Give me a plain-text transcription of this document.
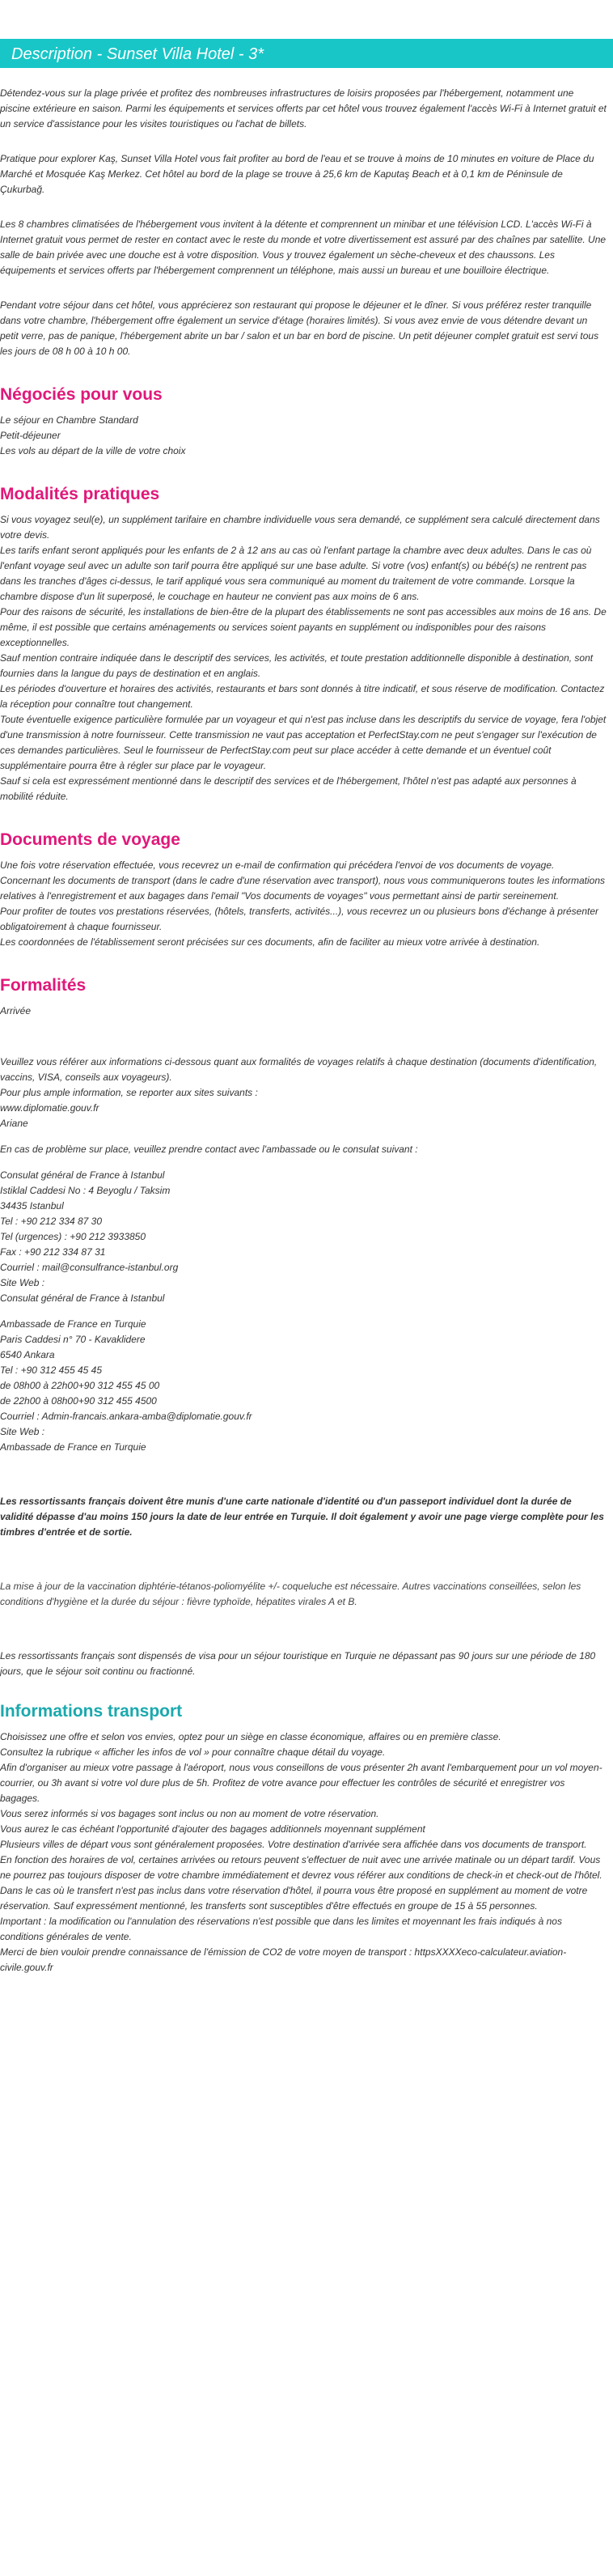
Description - Sunset Villa Hotel - 3*

Détendez-vous sur la plage privée et profitez des nombreuses infrastructures de loisirs proposées par l'hébergement, notamment une piscine extérieure en saison. Parmi les équipements et services offerts par cet hôtel vous trouvez également l'accès Wi-Fi à Internet gratuit et un service d'assistance pour les visites touristiques ou l'achat de billets.

Pratique pour explorer Kaş, Sunset Villa Hotel vous fait profiter au bord de l'eau et se trouve à moins de 10 minutes en voiture de Place du Marché et Mosquée Kaş Merkez. Cet hôtel au bord de la plage se trouve à 25,6 km de Kaputaş Beach et à 0,1 km de Péninsule de Çukurbağ.

Les 8 chambres climatisées de l'hébergement vous invitent à la détente et comprennent un minibar et une télévision LCD. L'accès Wi-Fi à Internet gratuit vous permet de rester en contact avec le reste du monde et votre divertissement est assuré par des chaînes par satellite. Une salle de bain privée avec une douche est à votre disposition. Vous y trouvez également un sèche-cheveux et des chaussons. Les équipements et services offerts par l'hébergement comprennent un téléphone, mais aussi un bureau et une bouilloire électrique.

Pendant votre séjour dans cet hôtel, vous apprécierez son restaurant qui propose le déjeuner et le dîner. Si vous préférez rester tranquille dans votre chambre, l'hébergement offre également un service d'étage (horaires limités). Si vous avez envie de vous détendre devant un petit verre, pas de panique, l'hébergement abrite un bar / salon et un bar en bord de piscine. Un petit déjeuner complet gratuit est servi tous les jours de 08 h 00 à 10 h 00.

Négociés pour vous

Le séjour en Chambre Standard

Petit-déjeuner

Les vols au départ de la ville de votre choix

Modalités pratiques

Si vous voyagez seul(e), un supplément tarifaire en chambre individuelle vous sera demandé, ce supplément sera calculé directement dans votre devis.
Les tarifs enfant seront appliqués pour les enfants de 2 à 12 ans au cas où l'enfant partage la chambre avec deux adultes. Dans le cas où l'enfant voyage seul avec un adulte son tarif pourra être appliqué sur une base adulte. Si votre (vos) enfant(s) ou bébé(s) ne rentrent pas dans les tranches d'âges ci-dessus, le tarif appliqué vous sera communiqué au moment du traitement de votre commande. Lorsque la chambre dispose d'un lit superposé, le couchage en hauteur ne convient pas aux moins de 6 ans.
Pour des raisons de sécurité, les installations de bien-être de la plupart des établissements ne sont pas accessibles aux moins de 16 ans. De même, il est possible que certains aménagements ou services soient payants en supplément ou indisponibles pour des raisons exceptionnelles.
Sauf mention contraire indiquée dans le descriptif des services, les activités, et toute prestation additionnelle disponible à destination, sont fournies dans la langue du pays de destination et en anglais.
Les périodes d'ouverture et horaires des activités, restaurants et bars sont donnés à titre indicatif, et sous réserve de modification. Contactez la réception pour connaître tout changement.
Toute éventuelle exigence particulière formulée par un voyageur et qui n'est pas incluse dans les descriptifs du service de voyage, fera l'objet d'une transmission à notre fournisseur. Cette transmission ne vaut pas acceptation et PerfectStay.com ne peut s'engager sur l'exécution de ces demandes particulières. Seul le fournisseur de PerfectStay.com peut sur place accéder à cette demande et un éventuel coût supplémentaire pourra être à régler sur place par le voyageur.
Sauf si cela est expressément mentionné dans le descriptif des services et de l'hébergement, l'hôtel n'est pas adapté aux personnes à mobilité réduite.

Documents de voyage

Une fois votre réservation effectuée, vous recevrez un e-mail de confirmation qui précédera l'envoi de vos documents de voyage.
Concernant les documents de transport (dans le cadre d'une réservation avec transport), nous vous communiquerons toutes les informations relatives à l'enregistrement et aux bagages dans l'email "Vos documents de voyages" vous permettant ainsi de partir sereinement.
Pour profiter de toutes vos prestations réservées, (hôtels, transferts, activités...), vous recevrez un ou plusieurs bons d'échange à présenter obligatoirement à chaque fournisseur.
Les coordonnées de l'établissement seront précisées sur ces documents, afin de faciliter au mieux votre arrivée à destination.

Formalités

Arrivée

Veuillez vous référer aux informations ci-dessous quant aux formalités de voyages relatifs à chaque destination (documents d'identification, vaccins, VISA, conseils aux voyageurs).
Pour plus ample information, se reporter aux sites suivants :
www.diplomatie.gouv.fr
Ariane

En cas de problème sur place, veuillez prendre contact avec l'ambassade ou le consulat suivant :

Consulat général de France à Istanbul
Istiklal Caddesi No : 4 Beyoglu / Taksim
34435 Istanbul
Tel : +90 212 334 87 30
Tel (urgences) : +90 212 3933850
Fax : +90 212 334 87 31
Courriel : mail@consulfrance-istanbul.org
Site Web :
Consulat général de France à Istanbul

Ambassade de France en Turquie
Paris Caddesi n° 70 - Kavaklidere
6540 Ankara
Tel : +90 312 455 45 45
de 08h00 à 22h00+90 312 455 45 00
de 22h00 à 08h00+90 312 455 4500
Courriel : Admin-francais.ankara-amba@diplomatie.gouv.fr
Site Web :
Ambassade de France en Turquie

Les ressortissants français doivent être munis d'une carte nationale d'identité ou d'un passeport individuel dont la durée de validité dépasse d'au moins 150 jours la date de leur entrée en Turquie. Il doit également y avoir une page vierge complète pour les timbres d'entrée et de sortie.

La mise à jour de la vaccination diphtérie-tétanos-poliomyélite +/- coqueluche est nécessaire. Autres vaccinations conseillées, selon les conditions d'hygiène et la durée du séjour : fièvre typhoïde, hépatites virales A et B.

Les ressortissants français sont dispensés de visa pour un séjour touristique en Turquie ne dépassant pas 90 jours sur une période de 180 jours, que le séjour soit continu ou fractionné.

Informations transport

Choisissez une offre et selon vos envies, optez pour un siège en classe économique, affaires ou en première classe.
Consultez la rubrique « afficher les infos de vol » pour connaître chaque détail du voyage.
Afin d'organiser au mieux votre passage à l'aéroport, nous vous conseillons de vous présenter 2h avant l'embarquement pour un vol moyen-courrier, ou 3h avant si votre vol dure plus de 5h. Profitez de votre avance pour effectuer les contrôles de sécurité et enregistrer vos bagages.
Vous serez informés si vos bagages sont inclus ou non au moment de votre réservation.
Vous aurez le cas échéant l'opportunité d'ajouter des bagages additionnels moyennant supplément
Plusieurs villes de départ vous sont généralement proposées. Votre destination d'arrivée sera affichée dans vos documents de transport.
En fonction des horaires de vol, certaines arrivées ou retours peuvent s'effectuer de nuit avec une arrivée matinale ou un départ tardif. Vous ne pourrez pas toujours disposer de votre chambre immédiatement et devrez vous référer aux conditions de check-in et check-out de l'hôtel.
Dans le cas où le transfert n'est pas inclus dans votre réservation d'hôtel, il pourra vous être proposé en supplément au moment de votre réservation. Sauf expressément mentionné, les transferts sont susceptibles d'être effectués en groupe de 15 à 55 personnes.
Important : la modification ou l'annulation des réservations n'est possible que dans les limites et moyennant les frais indiqués à nos conditions générales de vente.
Merci de bien vouloir prendre connaissance de l'émission de CO2 de votre moyen de transport : httpsXXXXeco-calculateur.aviation-civile.gouv.fr
